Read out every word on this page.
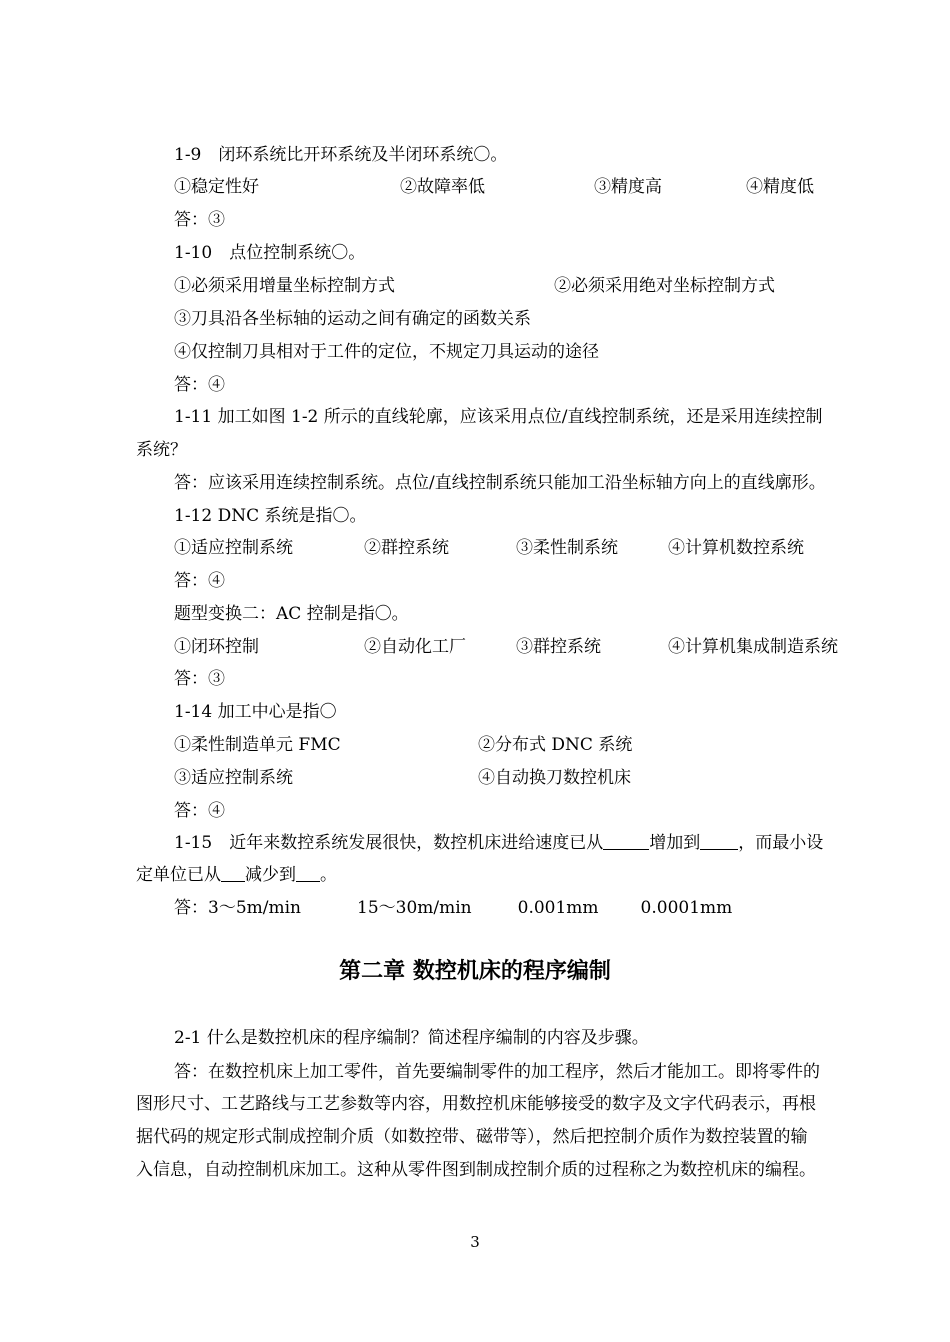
1-9　闭环系统比开环系统及半闭环系统〇。
①稳定性好	②故障率低	③精度高	④精度低
答：③
1-10　点位控制系统〇。
①必须采用增量坐标控制方式	②必须采用绝对坐标控制方式
③刀具沿各坐标轴的运动之间有确定的函数关系
④仅控制刀具相对于工件的定位，不规定刀具运动的途径
答：④
1-11 加工如图 1-2 所示的直线轮廓，应该采用点位/直线控制系统，还是采用连续控制
系统？
答：应该采用连续控制系统。点位/直线控制系统只能加工沿坐标轴方向上的直线廓形。
1-12 DNC 系统是指〇。
①适应控制系统	②群控系统	③柔性制系统	④计算机数控系统
答：④
题型变换二：AC 控制是指〇。
①闭环控制	②自动化工厂	③群控系统	④计算机集成制造系统
答：③
1-14 加工中心是指〇
①柔性制造单元 FMC	②分布式 DNC 系统
③适应控制系统	④自动换刀数控机床
答：④
1-15　近年来数控系统发展很快，数控机床进给速度已从	增加到 ，而最小设
定单位已从 减少到 。
答：3～5m/min	15～30m/min	0.001mm 0.0001mm
第二章 数控机床的程序编制
2-1 什么是数控机床的程序编制？简述程序编制的内容及步骤。
答：在数控机床上加工零件，首先要编制零件的加工程序，然后才能加工。即将零件的
图形尺寸、工艺路线与工艺参数等内容，用数控机床能够接受的数字及文字代码表示，再根
据代码的规定形式制成控制介质（如数控带、磁带等），然后把控制介质作为数控装置的输
入信息，自动控制机床加工。这种从零件图到制成控制介质的过程称之为数控机床的编程。
3
